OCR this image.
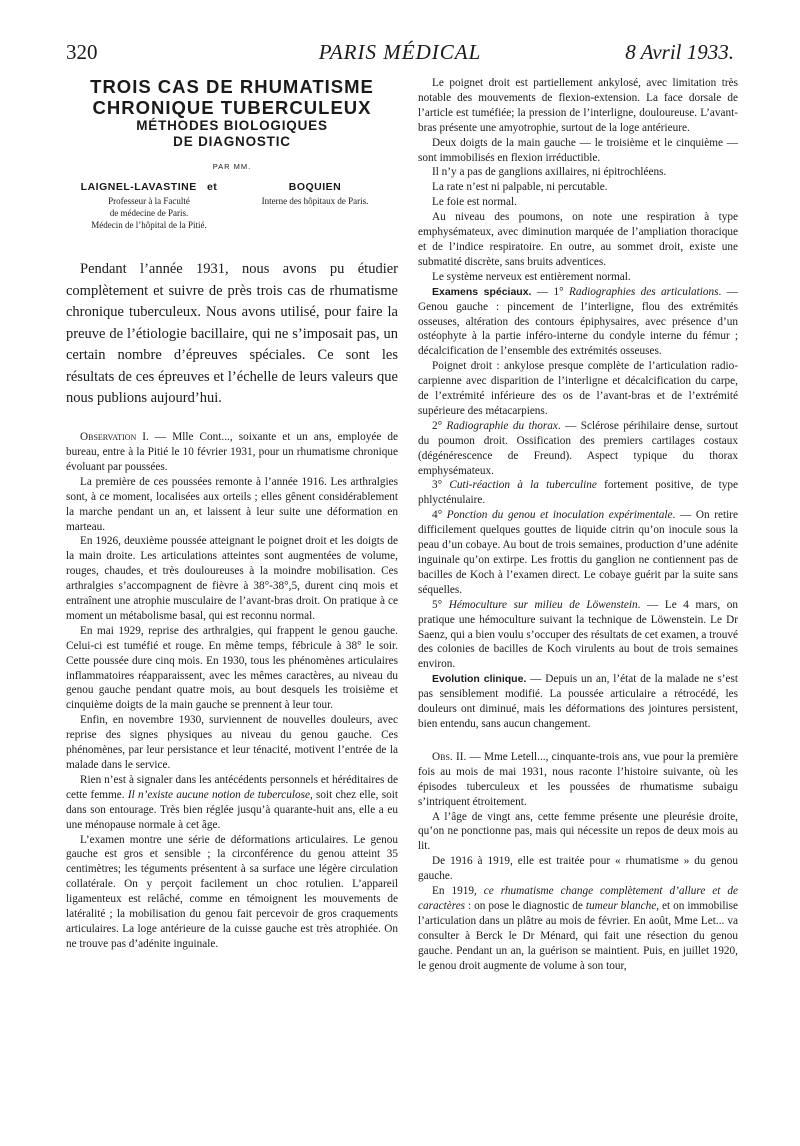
320	PARIS MÉDICAL	8 Avril 1933.
TROIS CAS DE RHUMATISME
CHRONIQUE TUBERCULEUX
MÉTHODES BIOLOGIQUES
DE DIAGNOSTIC
PAR MM.
LAIGNEL-LAVASTINE et
Professeur à la Faculté
de médecine de Paris.
Médecin de l’hôpital de la Pitié.
BOQUIEN
Interne des hôpitaux de Paris.

Pendant l’année 1931, nous avons pu étudier complètement et suivre de près trois cas de rhumatisme chronique tuberculeux. Nous avons utilisé, pour faire la preuve de l’étiologie bacillaire, qui ne s’imposait pas, un certain nombre d’épreuves spéciales. Ce sont les résultats de ces épreuves et l’échelle de leurs valeurs que nous publions aujourd’hui.

Observation I. — Mlle Cont..., soixante et un ans, employée de bureau, entre à la Pitié le 10 février 1931, pour un rhumatisme chronique évoluant par poussées.

La première de ces poussées remonte à l’année 1916. Les arthralgies sont, à ce moment, localisées aux orteils ; elles gênent considérablement la marche pendant un an, et laissent à leur suite une déformation en marteau.

En 1926, deuxième poussée atteignant le poignet droit et les doigts de la main droite. Les articulations atteintes sont augmentées de volume, rouges, chaudes, et très douloureuses à la moindre mobilisation. Ces arthralgies s’accompagnent de fièvre à 38°-38°,5, durent cinq mois et entraînent une atrophie musculaire de l’avant-bras droit. On pratique à ce moment un métabolisme basal, qui est reconnu normal.

En mai 1929, reprise des arthralgies, qui frappent le genou gauche. Celui-ci est tuméfié et rouge. En même temps, fébricule à 38° le soir. Cette poussée dure cinq mois. En 1930, tous les phénomènes articulaires inflammatoires réapparaissent, avec les mêmes caractères, au niveau du genou gauche pendant quatre mois, au bout desquels les troisième et cinquième doigts de la main gauche se prennent à leur tour.

Enfin, en novembre 1930, surviennent de nouvelles douleurs, avec reprise des signes physiques au niveau du genou gauche. Ces phénomènes, par leur persistance et leur ténacité, motivent l’entrée de la malade dans le service.

Rien n’est à signaler dans les antécédents personnels et héréditaires de cette femme. Il n’existe aucune notion de tuberculose, soit chez elle, soit dans son entourage. Très bien réglée jusqu’à quarante-huit ans, elle a eu une ménopause normale à cet âge.

L’examen montre une série de déformations articulaires. Le genou gauche est gros et sensible ; la circonférence du genou atteint 35 centimètres; les téguments présentent à sa surface une légère circulation collatérale. On y perçoit facilement un choc rotulien. L’appareil ligamenteux est relâché, comme en témoignent les mouvements de latéralité ; la mobilisation du genou fait percevoir de gros craquements articulaires. La loge antérieure de la cuisse gauche est très atrophiée. On ne trouve pas d’adénite inguinale.

Le poignet droit est partiellement ankylosé, avec limitation très notable des mouvements de flexion-extension. La face dorsale de l’article est tuméfiée; la pression de l’interligne, douloureuse. L’avant-bras présente une amyotrophie, surtout de la loge antérieure.

Deux doigts de la main gauche — le troisième et le cinquième — sont immobilisés en flexion irréductible.

Il n’y a pas de ganglions axillaires, ni épitrochléens.

La rate n’est ni palpable, ni percutable.

Le foie est normal.

Au niveau des poumons, on note une respiration à type emphysémateux, avec diminution marquée de l’ampliation thoracique et de l’indice respiratoire. En outre, au sommet droit, existe une submatité discrète, sans bruits adventices.

Le système nerveux est entièrement normal.

Examens spéciaux. — 1° Radiographies des articulations. — Genou gauche : pincement de l’interligne, flou des extrémités osseuses, altération des contours épiphysaires, avec présence d’un ostéophyte à la partie inféro-interne du condyle interne du fémur ; décalcification de l’ensemble des extrémités osseuses.

Poignet droit : ankylose presque complète de l’articulation radio-carpienne avec disparition de l’interligne et décalcification du carpe, de l’extrémité inférieure des os de l’avant-bras et de l’extrémité supérieure des métacarpiens.

2° Radiographie du thorax. — Sclérose périhilaire dense, surtout du poumon droit. Ossification des premiers cartilages costaux (dégénérescence de Freund). Aspect typique du thorax emphysémateux.

3° Cuti-réaction à la tuberculine fortement positive, de type phlycténulaire.

4° Ponction du genou et inoculation expérimentale. — On retire difficilement quelques gouttes de liquide citrin qu’on inocule sous la peau d’un cobaye. Au bout de trois semaines, production d’une adénite inguinale qu’on extirpe. Les frottis du ganglion ne contiennent pas de bacilles de Koch à l’examen direct. Le cobaye guérit par la suite sans séquelles.

5° Hémoculture sur milieu de Löwenstein. — Le 4 mars, on pratique une hémoculture suivant la technique de Löwenstein. Le Dr Saenz, qui a bien voulu s’occuper des résultats de cet examen, a trouvé des colonies de bacilles de Koch virulents au bout de trois semaines environ.

Evolution clinique. — Depuis un an, l’état de la malade ne s’est pas sensiblement modifié. La poussée articulaire a rétrocédé, les douleurs ont diminué, mais les déformations des jointures persistent, bien entendu, sans aucun changement.

Obs. II. — Mme Letell..., cinquante-trois ans, vue pour la première fois au mois de mai 1931, nous raconte l’histoire suivante, où les épisodes tuberculeux et les poussées de rhumatisme subaigu s’intriquent étroitement.

A l’âge de vingt ans, cette femme présente une pleurésie droite, qu’on ne ponctionne pas, mais qui nécessite un repos de deux mois au lit.

De 1916 à 1919, elle est traitée pour « rhumatisme » du genou gauche.

En 1919, ce rhumatisme change complètement d’allure et de caractères : on pose le diagnostic de tumeur blanche, et on immobilise l’articulation dans un plâtre au mois de février. En août, Mme Let... va consulter à Berck le Dr Ménard, qui fait une résection du genou gauche. Pendant un an, la guérison se maintient. Puis, en juillet 1920, le genou droit augmente de volume à son tour,
